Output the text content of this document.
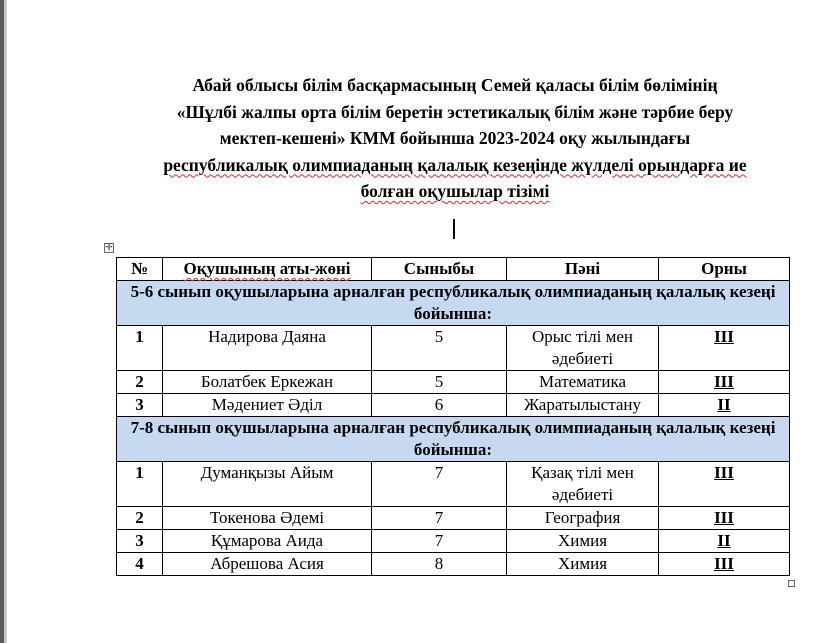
Абай облысы білім басқармасының Семей қаласы білім бөлімінің
«Шұлбі жалпы орта білім беретін эстетикалық білім және тәрбие беру
мектеп-кешені» КММ бойынша 2023-2024 оқу жылындағы
республикалық олимпиаданың қалалық кезеңінде жүлделі орындарға ие
болған оқушылар тізімі
✛
№	Оқушының аты-жөні	Сыныбы	Пәні	Орны
5-6 сынып оқушыларына арналған республикалық олимпиаданың қалалық кезеңі бойынша:				
1	Надирова Даяна	5	Орыс тілі мен әдебиеті	ІІІ
2	Болатбек Еркежан	5	Математика	ІІІ
3	Мәдениет Әділ	6	Жаратылыстану	ІІ
7-8 сынып оқушыларына арналған республикалық олимпиаданың қалалық кезеңі бойынша:				
1	Думанқызы Айым	7	Қазақ тілі мен әдебиеті	ІІІ
2	Токенова Әдемі	7	География	ІІІ
3	Құмарова Аида	7	Химия	ІІ
4	Абрешова Асия	8	Химия	ІІІ
